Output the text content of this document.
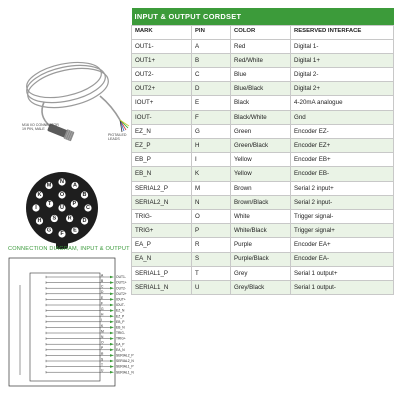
PIGTAILED LEADS
M16 I/O CONNECTOR
19 PIN, MALE
A
B
C
D
E
F
G
H
I
K
M
N
O
P
R
S
T
U
CONNECTION DIAGRAM, INPUT & OUTPUT
A	OUT1-
B	OUT1+
C	OUT2-
D	OUT2+
E	IOUT+
F	IOUT-
G	EZ_N
H	EZ_P
I	EB_P
K	EB_N
M	TRIG-
N	TRIG+
O	EA_P
P	EA_N
R	SERIAL2_P
S	SERIAL2_N
T	SERIAL1_P
U	SERIAL1_N
INPUT & OUTPUT CORDSET			
MARK	PIN	COLOR	RESERVED INTERFACE
OUT1-	A	Red	Digital 1-
OUT1+	B	Red/White	Digital 1+
OUT2-	C	Blue	Digital 2-
OUT2+	D	Blue/Black	Digital 2+
IOUT+	E	Black	4-20mA analogue
IOUT-	F	Black/White	Gnd
EZ_N	G	Green	Encoder EZ-
EZ_P	H	Green/Black	Encoder EZ+
EB_P	I	Yellow	Encoder EB+
EB_N	K	Yellow	Encoder EB-
SERIAL2_P	M	Brown	Serial 2 input+
SERIAL2_N	N	Brown/Black	Serial 2 input-
TRIG-	O	White	Trigger signal-
TRIG+	P	White/Black	Trigger signal+
EA_P	R	Purple	Encoder EA+
EA_N	S	Purple/Black	Encoder EA-
SERIAL1_P	T	Grey	Serial 1 output+
SERIAL1_N	U	Grey/Black	Serial 1 output-
